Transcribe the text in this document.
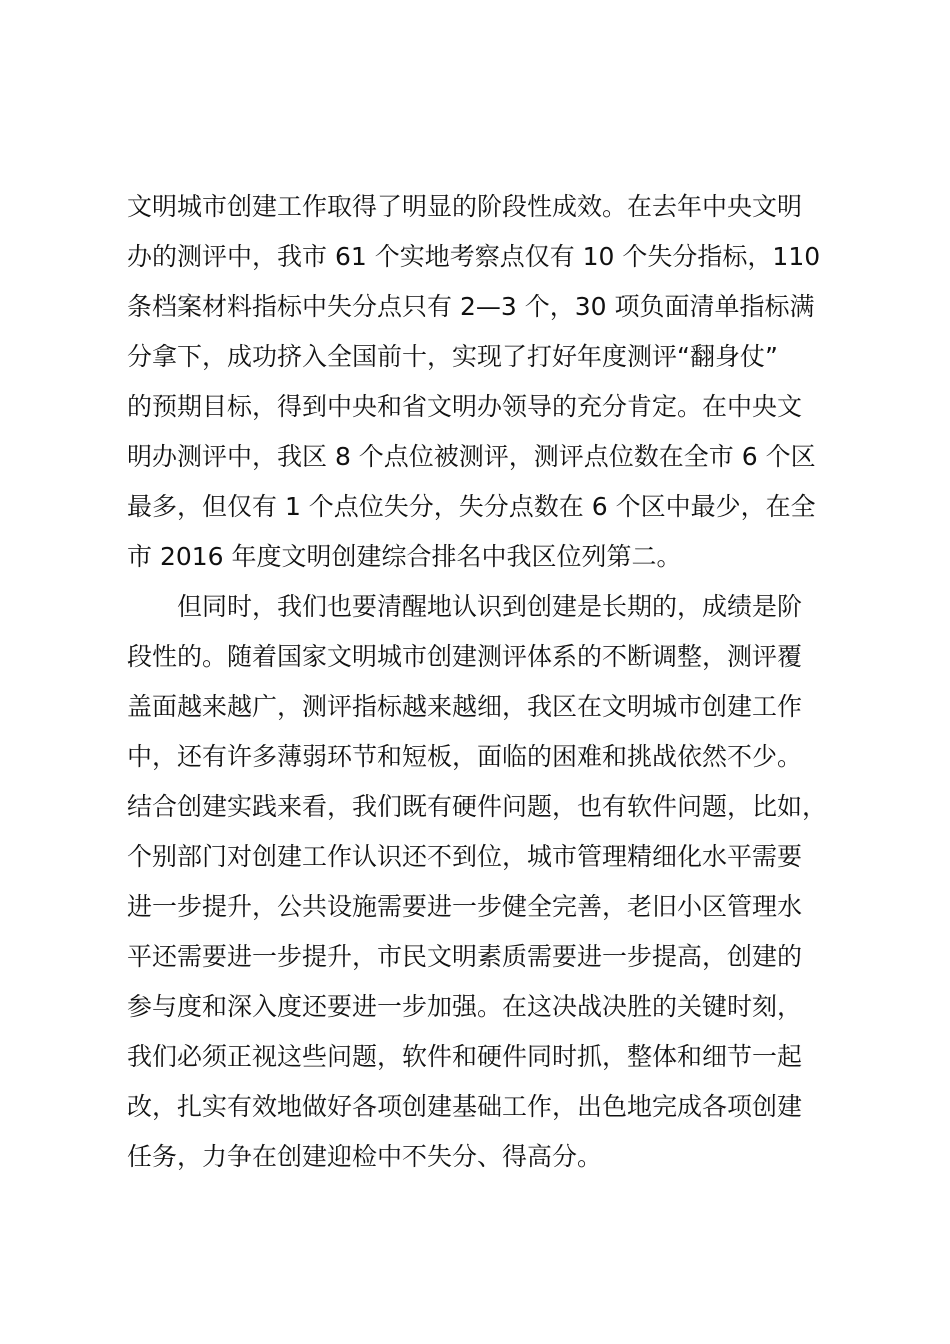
文明城市创建工作取得了明显的阶段性成效。在去年中央文明
办的测评中，我市 61 个实地考察点仅有 10 个失分指标，110
条档案材料指标中失分点只有 2—3 个，30 项负面清单指标满
分拿下，成功挤入全国前十，实现了打好年度测评“翻身仗”
的预期目标，得到中央和省文明办领导的充分肯定。在中央文
明办测评中，我区 8 个点位被测评，测评点位数在全市 6 个区
最多，但仅有 1 个点位失分，失分点数在 6 个区中最少，在全
市 2016 年度文明创建综合排名中我区位列第二。
但同时，我们也要清醒地认识到创建是长期的，成绩是阶
段性的。随着国家文明城市创建测评体系的不断调整，测评覆
盖面越来越广，测评指标越来越细，我区在文明城市创建工作
中，还有许多薄弱环节和短板，面临的困难和挑战依然不少。
结合创建实践来看，我们既有硬件问题，也有软件问题，比如，
个别部门对创建工作认识还不到位，城市管理精细化水平需要
进一步提升，公共设施需要进一步健全完善，老旧小区管理水
平还需要进一步提升，市民文明素质需要进一步提高，创建的
参与度和深入度还要进一步加强。在这决战决胜的关键时刻，
我们必须正视这些问题，软件和硬件同时抓，整体和细节一起
改，扎实有效地做好各项创建基础工作，出色地完成各项创建
任务，力争在创建迎检中不失分、得高分。
